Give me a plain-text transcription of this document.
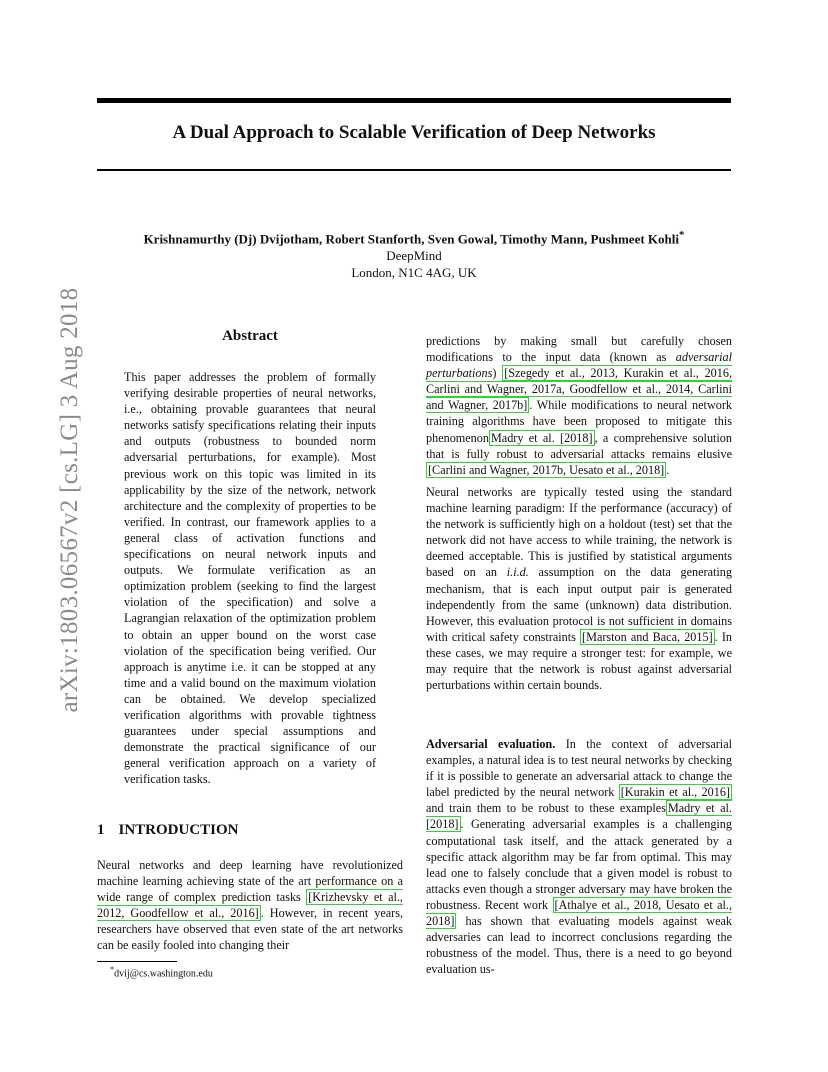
A Dual Approach to Scalable Verification of Deep Networks
Krishnamurthy (Dj) Dvijotham, Robert Stanforth, Sven Gowal, Timothy Mann, Pushmeet Kohli*
DeepMind
London, N1C 4AG, UK
arXiv:1803.06567v2 [cs.LG] 3 Aug 2018	Abstract
This paper addresses the problem of formally verifying desirable properties of neural networks, i.e., obtaining provable guarantees that neural networks satisfy specifications relating their inputs and outputs (robustness to bounded norm adversarial perturbations, for example). Most previous work on this topic was limited in its applicability by the size of the network, network architecture and the complexity of properties to be verified. In contrast, our framework applies to a general class of activation functions and specifications on neural network inputs and outputs. We formulate verification as an optimization problem (seeking to find the largest violation of the specification) and solve a Lagrangian relaxation of the optimization problem to obtain an upper bound on the worst case violation of the specification being verified. Our approach is anytime i.e. it can be stopped at any time and a valid bound on the maximum violation can be obtained. We develop specialized verification algorithms with provable tightness guarantees under special assumptions and demonstrate the practical significance of our general verification approach on a variety of verification tasks.
1 INTRODUCTION
Neural networks and deep learning have revolutionized machine learning achieving state of the art performance on a wide range of complex prediction tasks [Krizhevsky et al., 2012, Goodfellow et al., 2016] . However, in recent years, researchers have observed that even state of the art networks can be easily fooled into changing their
*dvij@cs.washington.edu
predictions by making small but carefully chosen modifications to the input data (known as adversarial perturbations) [Szegedy et al., 2013, Kurakin et al., 2016, Carlini and Wagner, 2017a, Goodfellow et al., 2014, Carlini and Wagner, 2017b] . While modifications to neural network training algorithms have been proposed to mitigate this phenomenon Madry et al. [2018] , a comprehensive solution that is fully robust to adversarial attacks remains elusive [Carlini and Wagner, 2017b, Uesato et al., 2018] .
Neural networks are typically tested using the standard machine learning paradigm: If the performance (accuracy) of the network is sufficiently high on a holdout (test) set that the network did not have access to while training, the network is deemed acceptable. This is justified by statistical arguments based on an i.i.d. assumption on the data generating mechanism, that is each input output pair is generated independently from the same (unknown) data distribution. However, this evaluation protocol is not sufficient in domains with critical safety constraints [Marston and Baca, 2015] . In these cases, we may require a stronger test: for example, we may require that the network is robust against adversarial perturbations within certain bounds.
Adversarial evaluation. In the context of adversarial examples, a natural idea is to test neural networks by checking if it is possible to generate an adversarial attack to change the label predicted by the neural network [Kurakin et al., 2016] and train them to be robust to these examples Madry et al. [2018] . Generating adversarial examples is a challenging computational task itself, and the attack generated by a specific attack algorithm may be far from optimal. This may lead one to falsely conclude that a given model is robust to attacks even though a stronger adversary may have broken the robustness. Recent work [Athalye et al., 2018, Uesato et al., 2018] has shown that evaluating models against weak adversaries can lead to incorrect conclusions regarding the robustness of the model. Thus, there is a need to go beyond evaluation us-
